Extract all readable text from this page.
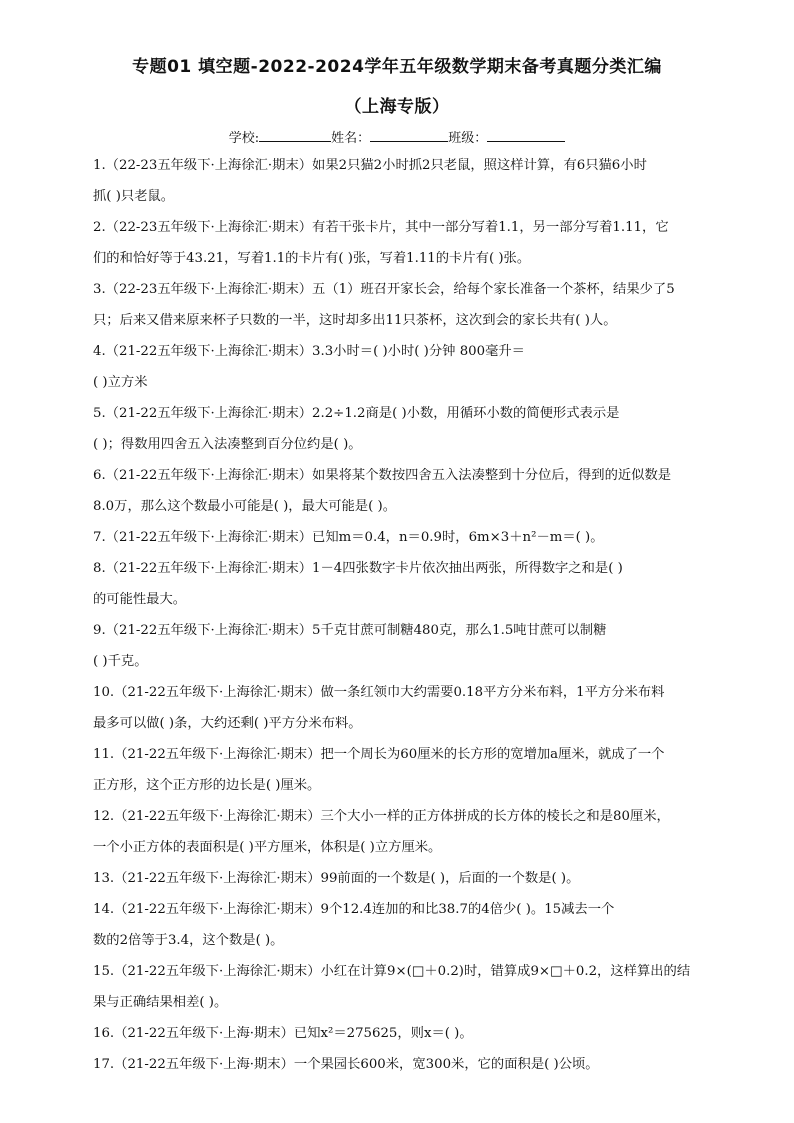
专题01 填空题-2022-2024学年五年级数学期末备考真题分类汇编
（上海专版）
学校:	姓名：	班级：
1.（22-23五年级下·上海徐汇·期末）如果2只猫2小时抓2只老鼠，照这样计算，有6只猫6小时
抓( )只老鼠。
2.（22-23五年级下·上海徐汇·期末）有若干张卡片，其中一部分写着1.1，另一部分写着1.11，它
们的和恰好等于43.21，写着1.1的卡片有( )张，写着1.11的卡片有( )张。
3.（22-23五年级下·上海徐汇·期末）五（1）班召开家长会，给每个家长准备一个茶杯，结果少了5
只；后来又借来原来杯子只数的一半，这时却多出11只茶杯，这次到会的家长共有( )人。
4.（21-22五年级下·上海徐汇·期末）3.3小时＝( )小时( )分钟 800毫升＝
( )立方米
5.（21-22五年级下·上海徐汇·期末）2.2÷1.2商是( )小数，用循环小数的简便形式表示是
( )；得数用四舍五入法凑整到百分位约是( )。
6.（21-22五年级下·上海徐汇·期末）如果将某个数按四舍五入法凑整到十分位后，得到的近似数是
8.0万，那么这个数最小可能是( )，最大可能是( )。
7.（21-22五年级下·上海徐汇·期末）已知m＝0.4，n＝0.9时，6m×3＋n²－m＝( )。
8.（21-22五年级下·上海徐汇·期末）1－4四张数字卡片依次抽出两张，所得数字之和是( )
的可能性最大。
9.（21-22五年级下·上海徐汇·期末）5千克甘蔗可制糖480克，那么1.5吨甘蔗可以制糖
( )千克。
10.（21-22五年级下·上海徐汇·期末）做一条红领巾大约需要0.18平方分米布料，1平方分米布料
最多可以做( )条，大约还剩( )平方分米布料。
11.（21-22五年级下·上海徐汇·期末）把一个周长为60厘米的长方形的宽增加a厘米，就成了一个
正方形，这个正方形的边长是( )厘米。
12.（21-22五年级下·上海徐汇·期末）三个大小一样的正方体拼成的长方体的棱长之和是80厘米，
一个小正方体的表面积是( )平方厘米，体积是( )立方厘米。
13.（21-22五年级下·上海徐汇·期末）99前面的一个数是( )，后面的一个数是( )。
14.（21-22五年级下·上海徐汇·期末）9个12.4连加的和比38.7的4倍少( )。15减去一个
数的2倍等于3.4，这个数是( )。
15.（21-22五年级下·上海徐汇·期末）小红在计算9×(□＋0.2)时，错算成9×□＋0.2，这样算出的结
果与正确结果相差( )。
16.（21-22五年级下·上海·期末）已知x²＝275625，则x＝( )。
17.（21-22五年级下·上海·期末）一个果园长600米，宽300米，它的面积是( )公顷。
